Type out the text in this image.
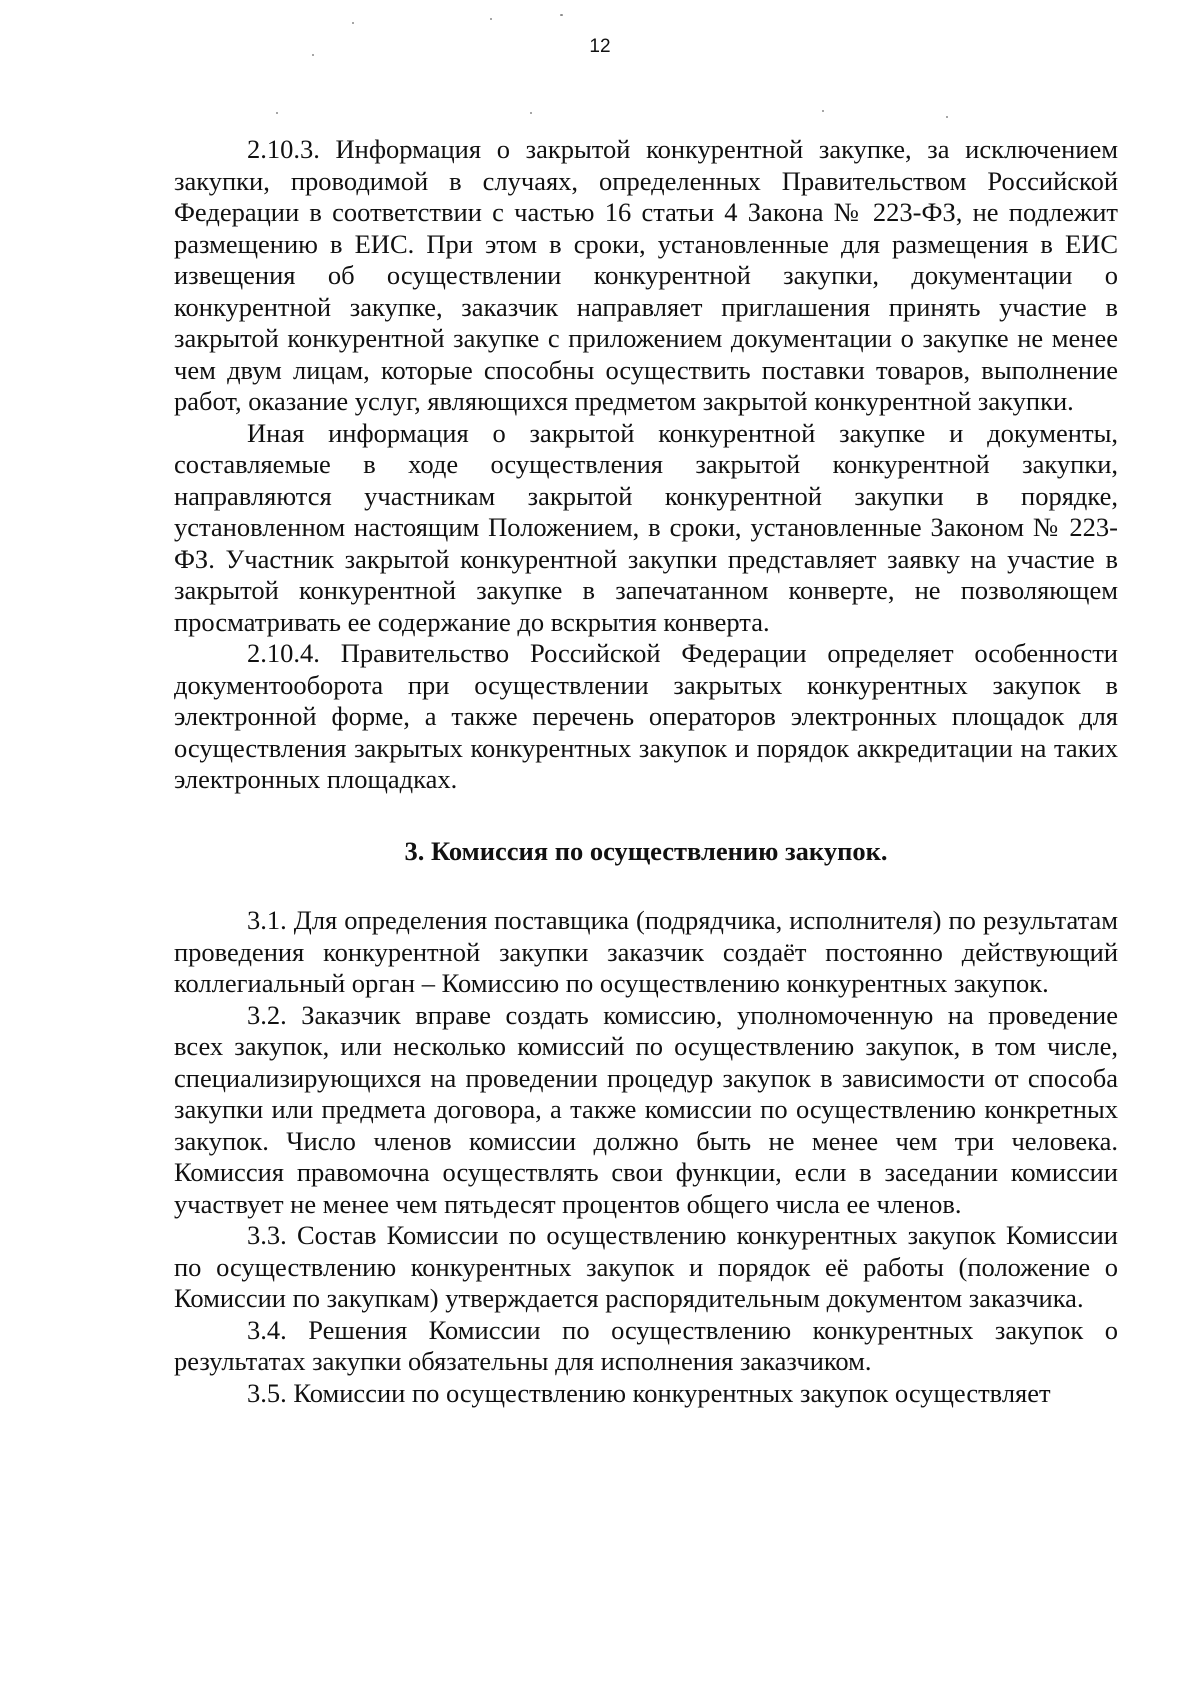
12

2.10.3. Информация о закрытой конкурентной закупке, за исключением закупки, проводимой в случаях, определенных Правительством Российской Федерации в соответствии с частью 16 статьи 4 Закона № 223-ФЗ, не подлежит размещению в ЕИС. При этом в сроки, установленные для размещения в ЕИС извещения об осуществлении конкурентной закупки, документации о конкурентной закупке, заказчик направляет приглашения принять участие в закрытой конкурентной закупке с приложением документации о закупке не менее чем двум лицам, которые способны осуществить поставки товаров, выполнение работ, оказание услуг, являющихся предметом закрытой конкурентной закупки.

Иная информация о закрытой конкурентной закупке и документы, составляемые в ходе осуществления закрытой конкурентной закупки, направляются участникам закрытой конкурентной закупки в порядке, установленном настоящим Положением, в сроки, установленные Законом № 223-ФЗ. Участник закрытой конкурентной закупки представляет заявку на участие в закрытой конкурентной закупке в запечатанном конверте, не позволяющем просматривать ее содержание до вскрытия конверта.

2.10.4. Правительство Российской Федерации определяет особенности документооборота при осуществлении закрытых конкурентных закупок в электронной форме, а также перечень операторов электронных площадок для осуществления закрытых конкурентных закупок и порядок аккредитации на таких электронных площадках.

3. Комиссия по осуществлению закупок.

3.1. Для определения поставщика (подрядчика, исполнителя) по результатам проведения конкурентной закупки заказчик создаёт постоянно действующий коллегиальный орган – Комиссию по осуществлению конкурентных закупок.

3.2. Заказчик вправе создать комиссию, уполномоченную на проведение всех закупок, или несколько комиссий по осуществлению закупок, в том числе, специализирующихся на проведении процедур закупок в зависимости от способа закупки или предмета договора, а также комиссии по осуществлению конкретных закупок. Число членов комиссии должно быть не менее чем три человека. Комиссия правомочна осуществлять свои функции, если в заседании комиссии участвует не менее чем пятьдесят процентов общего числа ее членов.

3.3. Состав Комиссии по осуществлению конкурентных закупок Комиссии по осуществлению конкурентных закупок и порядок её работы (положение о Комиссии по закупкам) утверждается распорядительным документом заказчика.

3.4. Решения Комиссии по осуществлению конкурентных закупок о результатах закупки обязательны для исполнения заказчиком.

3.5. Комиссии по осуществлению конкурентных закупок осуществляет
